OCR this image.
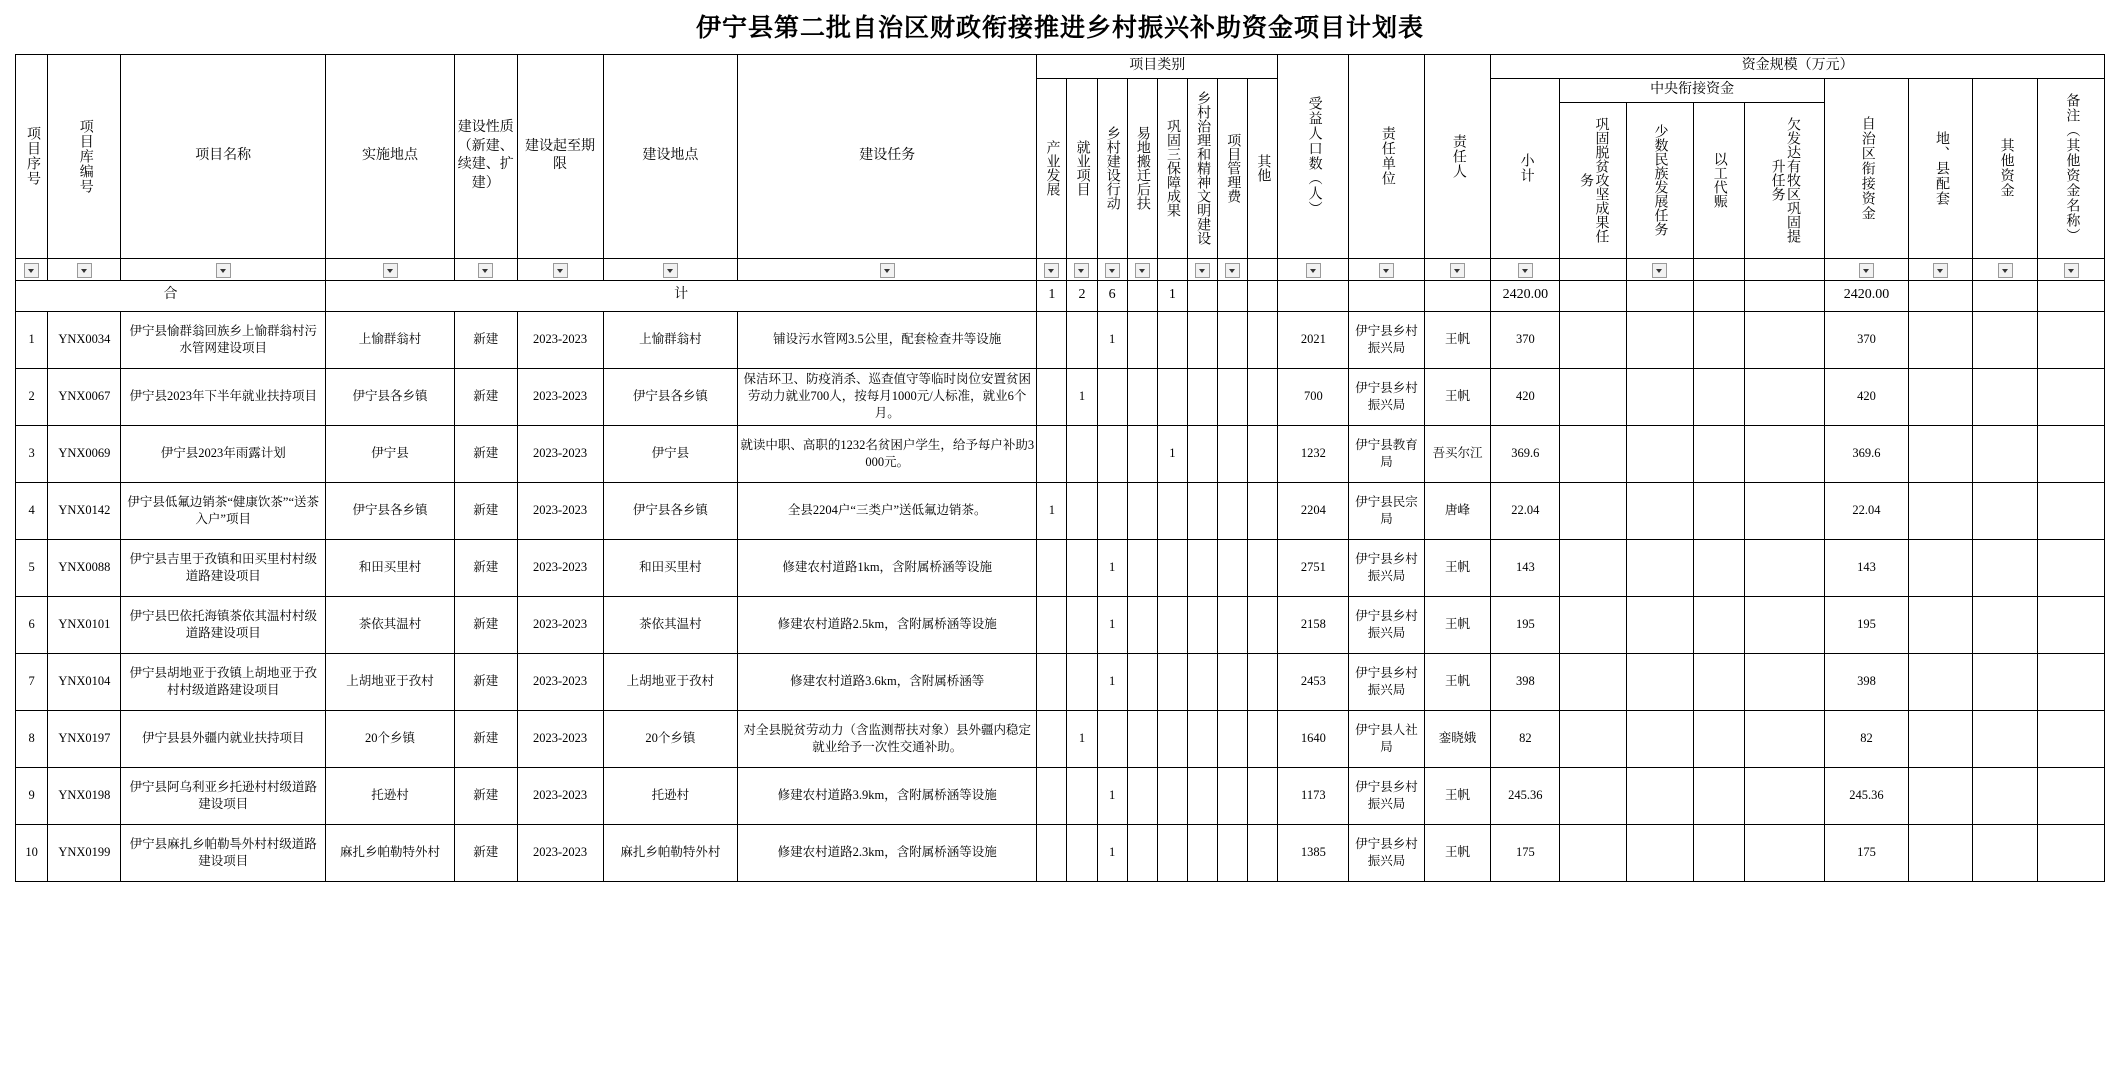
伊宁县第二批自治区财政衔接推进乡村振兴补助资金项目计划表
项目序号	项目库编号	项目名称	实施地点	建设性质（新建、续建、扩建）	建设起至期限	建设地点	建设任务	项目类别								受益人口数（人）	责任单位	责任人	资金规模（万元）								

								产业发展	就业项目	乡村建设行动	易地搬迁后扶	巩固三保障成果	乡村治理和精神文明建设	项目管理费	其他				小计	中央衔接资金				自治区衔接资金	地、县配套	其他资金	备注（其他资金名称）

																				巩固脱贫攻坚成果任务	少数民族发展任务	以工代赈	欠发达有牧区巩固提升任务				

合			计					1	2	6		1							2420.00					2420.00			
1	YNX0034	伊宁县愉群翁回族乡上愉群翁村污水管网建设项目	上愉群翁村	新建	2023-2023	上愉群翁村	铺设污水管网3.5公里，配套检查井等设施			1						2021	伊宁县乡村振兴局	王帆	370					370			
2	YNX0067	伊宁县2023年下半年就业扶持项目	伊宁县各乡镇	新建	2023-2023	伊宁县各乡镇	保洁环卫、防疫消杀、巡查值守等临时岗位安置贫困劳动力就业700人，按每月1000元/人标准，就业6个月。		1							700	伊宁县乡村振兴局	王帆	420					420			
3	YNX0069	伊宁县2023年雨露计划	伊宁县	新建	2023-2023	伊宁县	就读中职、高职的1232名贫困户学生，给予每户补助3000元。					1				1232	伊宁县教育局	吾买尔江	369.6					369.6			
4	YNX0142	伊宁县低氟边销茶“健康饮茶”“送茶入户”项目	伊宁县各乡镇	新建	2023-2023	伊宁县各乡镇	全县2204户“三类户”送低氟边销茶。	1								2204	伊宁县民宗局	唐峰	22.04					22.04			
5	YNX0088	伊宁县吉里于孜镇和田买里村村级道路建设项目	和田买里村	新建	2023-2023	和田买里村	修建农村道路1km，含附属桥涵等设施			1						2751	伊宁县乡村振兴局	王帆	143					143			
6	YNX0101	伊宁县巴依托海镇茶依其温村村级道路建设项目	茶依其温村	新建	2023-2023	茶依其温村	修建农村道路2.5km，含附属桥涵等设施			1						2158	伊宁县乡村振兴局	王帆	195					195			
7	YNX0104	伊宁县胡地亚于孜镇上胡地亚于孜村村级道路建设项目	上胡地亚于孜村	新建	2023-2023	上胡地亚于孜村	修建农村道路3.6km，含附属桥涵等			1						2453	伊宁县乡村振兴局	王帆	398					398			
8	YNX0197	伊宁县县外疆内就业扶持项目	20个乡镇	新建	2023-2023	20个乡镇	对全县脱贫劳动力（含监测帮扶对象）县外疆内稳定就业给予一次性交通补助。		1							1640	伊宁县人社局	銮晓娥	82					82			
9	YNX0198	伊宁县阿乌利亚乡托逊村村级道路建设项目	托逊村	新建	2023-2023	托逊村	修建农村道路3.9km，含附属桥涵等设施			1						1173	伊宁县乡村振兴局	王帆	245.36					245.36			
10	YNX0199	伊宁县麻扎乡帕勒특外村村级道路建设项目	麻扎乡帕勒特外村	新建	2023-2023	麻扎乡帕勒特外村	修建农村道路2.3km，含附属桥涵等设施			1						1385	伊宁县乡村振兴局	王帆	175					175			
